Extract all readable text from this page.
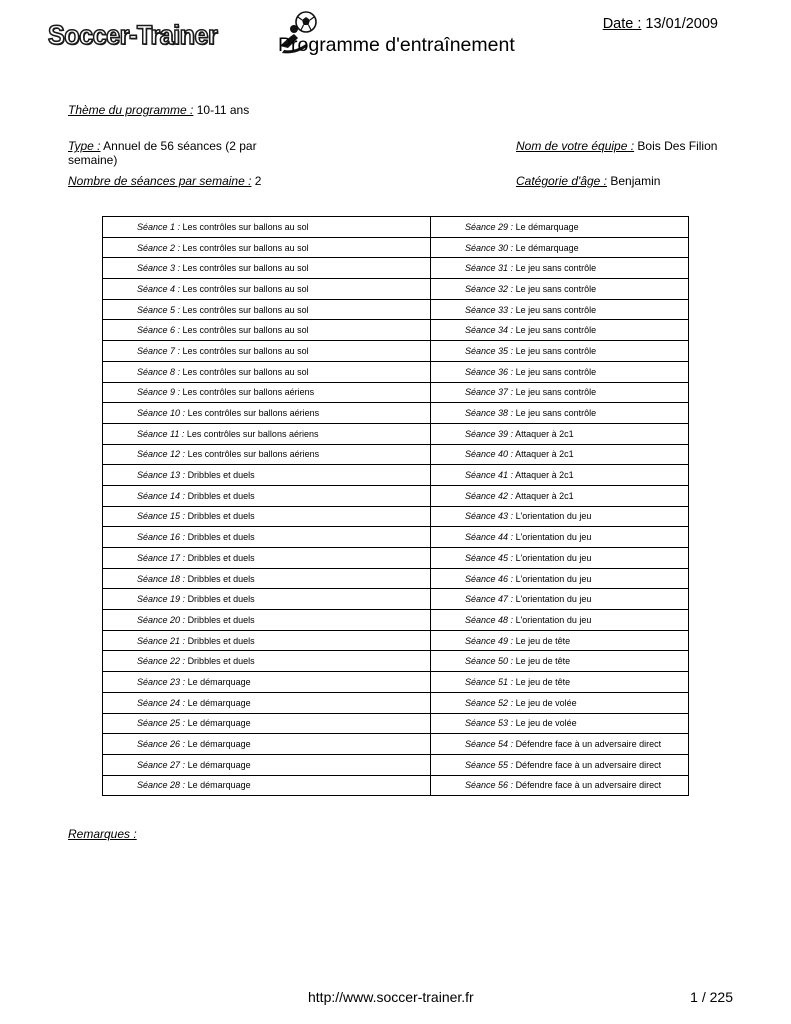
Soccer-Trainer	Programme d'entraînement
Date : 13/01/2009
Thème du programme : 10-11 ans
Type : Annuel de 56 séances (2 par semaine)
Nombre de séances par semaine : 2
Nom de votre équipe : Bois Des Filion
Catégorie d'âge : Benjamin
Séance 1 : Les contrôles sur ballons au sol	Séance 29 : Le démarquage
Séance 2 : Les contrôles sur ballons au sol	Séance 30 : Le démarquage
Séance 3 : Les contrôles sur ballons au sol	Séance 31 : Le jeu sans contrôle
Séance 4 : Les contrôles sur ballons au sol	Séance 32 : Le jeu sans contrôle
Séance 5 : Les contrôles sur ballons au sol	Séance 33 : Le jeu sans contrôle
Séance 6 : Les contrôles sur ballons au sol	Séance 34 : Le jeu sans contrôle
Séance 7 : Les contrôles sur ballons au sol	Séance 35 : Le jeu sans contrôle
Séance 8 : Les contrôles sur ballons au sol	Séance 36 : Le jeu sans contrôle
Séance 9 : Les contrôles sur ballons aériens	Séance 37 : Le jeu sans contrôle
Séance 10 : Les contrôles sur ballons aériens	Séance 38 : Le jeu sans contrôle
Séance 11 : Les contrôles sur ballons aériens	Séance 39 : Attaquer à 2c1
Séance 12 : Les contrôles sur ballons aériens	Séance 40 : Attaquer à 2c1
Séance 13 : Dribbles et duels	Séance 41 : Attaquer à 2c1
Séance 14 : Dribbles et duels	Séance 42 : Attaquer à 2c1
Séance 15 : Dribbles et duels	Séance 43 : L'orientation du jeu
Séance 16 : Dribbles et duels	Séance 44 : L'orientation du jeu
Séance 17 : Dribbles et duels	Séance 45 : L'orientation du jeu
Séance 18 : Dribbles et duels	Séance 46 : L'orientation du jeu
Séance 19 : Dribbles et duels	Séance 47 : L'orientation du jeu
Séance 20 : Dribbles et duels	Séance 48 : L'orientation du jeu
Séance 21 : Dribbles et duels	Séance 49 : Le jeu de tête
Séance 22 : Dribbles et duels	Séance 50 : Le jeu de tête
Séance 23 : Le démarquage	Séance 51 : Le jeu de tête
Séance 24 : Le démarquage	Séance 52 : Le jeu de volée
Séance 25 : Le démarquage	Séance 53 : Le jeu de volée
Séance 26 : Le démarquage	Séance 54 : Défendre face à un adversaire direct
Séance 27 : Le démarquage	Séance 55 : Défendre face à un adversaire direct
Séance 28 : Le démarquage	Séance 56 : Défendre face à un adversaire direct
Remarques :
http://www.soccer-trainer.fr	1 / 225
